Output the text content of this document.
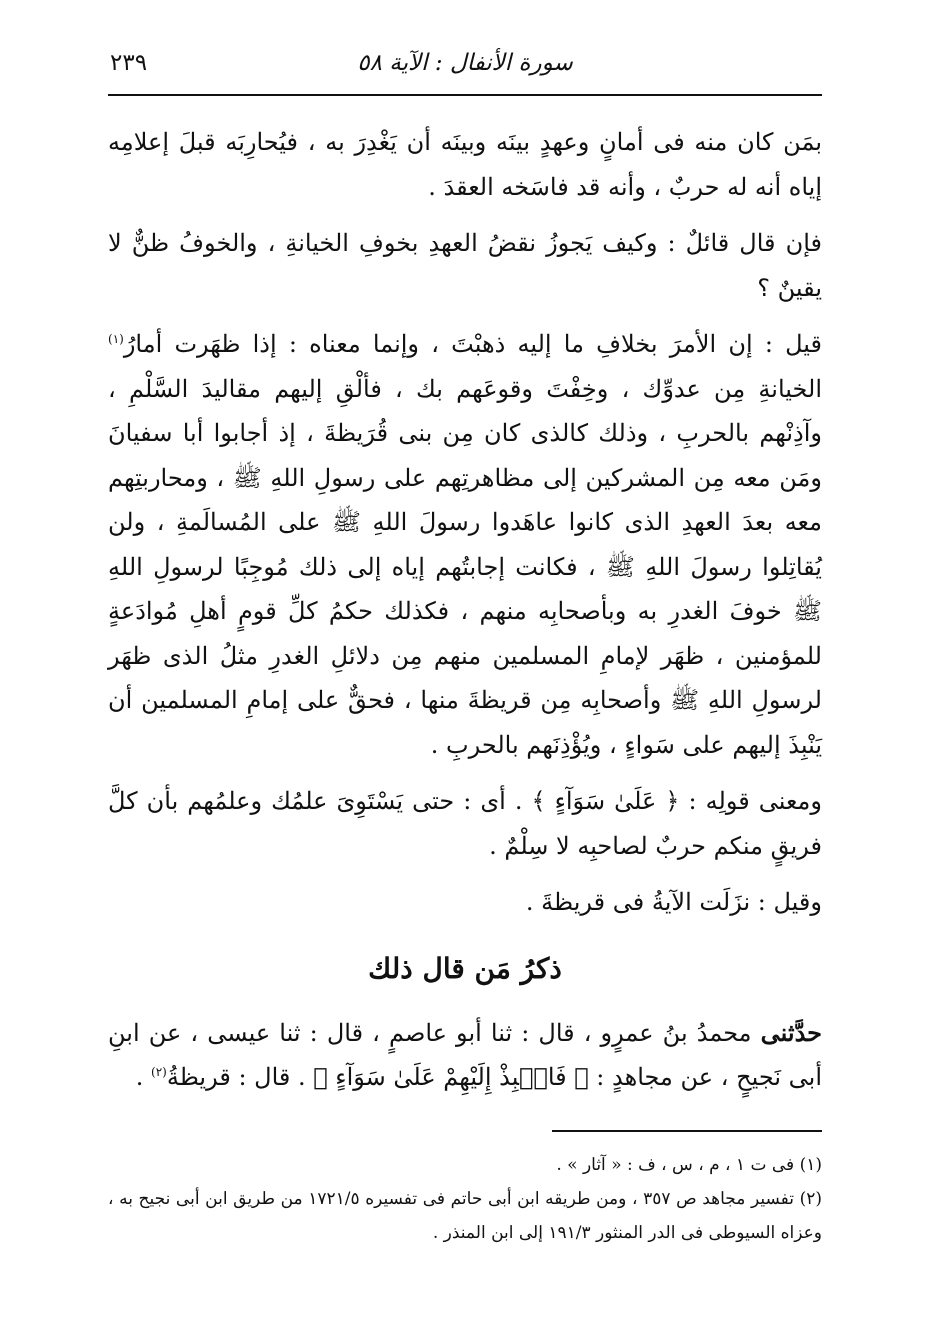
سورة الأنفال : الآية ٥٨
٢٣٩

بمَن كان منه فى أمانٍ وعهدٍ بينَه وبينَه أن يَغْدِرَ به ، فيُحارِبَه قبلَ إعلامِه إياه أنه له حربٌ ، وأنه قد فاسَخه العقدَ .

فإن قال قائلٌ : وكيف يَجوزُ نقضُ العهدِ بخوفِ الخيانةِ ، والخوفُ ظنٌّ لا يقينٌ ؟

قيل : إن الأمرَ بخلافِ ما إليه ذهبْتَ ، وإنما معناه : إذا ظهَرت أمارُ$^{(١)}$ الخيانةِ مِن عدوِّك ، وخِفْتَ وقوعَهم بك ، فألْقِ إليهم مقاليدَ السَّلْمِ ، وآذِنْهم بالحربِ ، وذلك كالذى كان مِن بنى قُرَيظةَ ، إذ أجابوا أبا سفيانَ ومَن معه مِن المشركين إلى مظاهرتِهم على رسولِ اللهِ ﷺ ، ومحاربتِهم معه بعدَ العهدِ الذى كانوا عاهَدوا رسولَ اللهِ ﷺ على المُسالَمةِ ، ولن يُقاتِلوا رسولَ اللهِ ﷺ ، فكانت إجابتُهم إياه إلى ذلك مُوجِبًا لرسولِ اللهِ ﷺ خوفَ الغدرِ به وبأصحابِه منهم ، فكذلك حكمُ كلِّ قومٍ أهلِ مُوادَعةٍ للمؤمنين ، ظهَر لإمامِ المسلمين منهم مِن دلائلِ الغدرِ مثلُ الذى ظهَر لرسولِ اللهِ ﷺ وأصحابِه مِن قريظةَ منها ، فحقٌّ على إمامِ المسلمين أن يَنْبِذَ إليهم على سَواءٍ ، ويُؤْذِنَهم بالحربِ .

ومعنى قولِه : ﴿ عَلَىٰ سَوَآءٍ ﴾ . أى : حتى يَسْتَوِىَ علمُك وعلمُهم بأن كلَّ فريقٍ منكم حربٌ لصاحبِه لا سِلْمٌ .

وقيل : نزَلَت الآيةُ فى قريظةَ .

ذكرُ مَن قال ذلك

حدَّثنى محمدُ بنُ عمرٍو ، قال : ثنا أبو عاصمٍ ، قال : ثنا عيسى ، عن ابنِ أبى نَجيحٍ ، عن مجاهدٍ : ﴿ فَانۢبِذْ إِلَيْهِمْ عَلَىٰ سَوَآءٍ ﴾ . قال : قريظةُ$^{(٢)}$ .

(١) فى ت ١ ، م ، س ، ف : « آثار » .

(٢) تفسير مجاهد ص ٣٥٧ ، ومن طريقه ابن أبى حاتم فى تفسيره ١٧٢١/٥ من طريق ابن أبى نجيح به ، وعزاه السيوطى فى الدر المنثور ١٩١/٣ إلى ابن المنذر .
